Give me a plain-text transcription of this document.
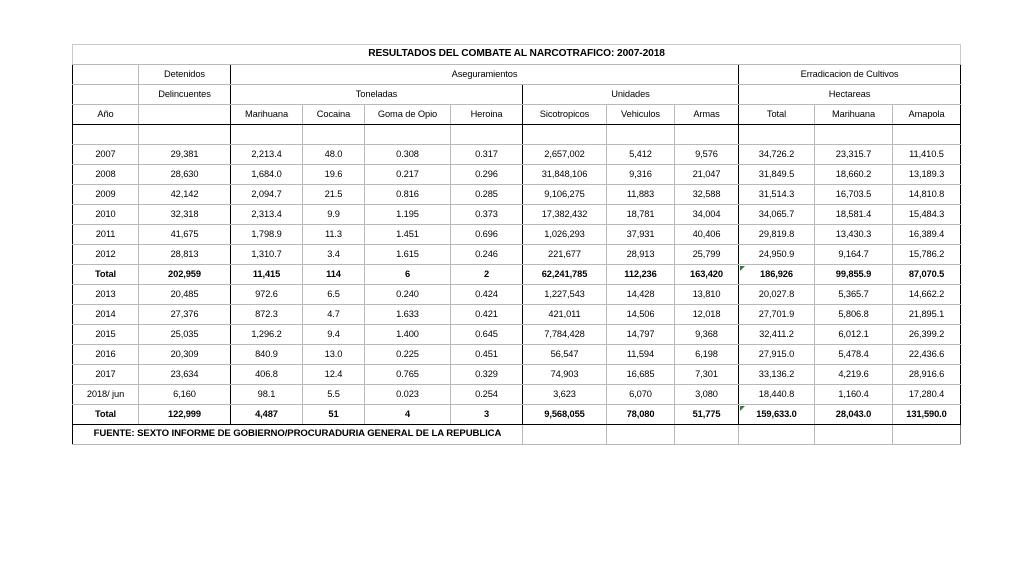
RESULTADOS DEL COMBATE AL NARCOTRAFICO: 2007-2018											
	Detenidos	Aseguramientos							Erradicacion de Cultivos		
	Delincuentes	Toneladas				Unidades			Hectareas		
Año		Marihuana	Cocaina	Goma de Opio	Heroina	Sicotropicos	Vehiculos	Armas	Total	Marihuana	Amapola

2007	29,381	2,213.4	48.0	0.308	0.317	2,657,002	5,412	9,576	34,726.2	23,315.7	11,410.5
2008	28,630	1,684.0	19.6	0.217	0.296	31,848,106	9,316	21,047	31,849.5	18,660.2	13,189.3
2009	42,142	2,094.7	21.5	0.816	0.285	9,106,275	11,883	32,588	31,514.3	16,703.5	14,810.8
2010	32,318	2,313.4	9.9	1.195	0.373	17,382,432	18,781	34,004	34,065.7	18,581.4	15,484.3
2011	41,675	1,798.9	11.3	1.451	0.696	1,026,293	37,931	40,406	29,819.8	13,430.3	16,389.4
2012	28,813	1,310.7	3.4	1.615	0.246	221,677	28,913	25,799	24,950.9	9,164.7	15,786.2
Total	202,959	11,415	114	6	2	62,241,785	112,236	163,420	186,926	99,855.9	87,070.5
2013	20,485	972.6	6.5	0.240	0.424	1,227,543	14,428	13,810	20,027.8	5,365.7	14,662.2
2014	27,376	872.3	4.7	1.633	0.421	421,011	14,506	12,018	27,701.9	5,806.8	21,895.1
2015	25,035	1,296.2	9.4	1.400	0.645	7,784,428	14,797	9,368	32,411.2	6,012.1	26,399.2
2016	20,309	840.9	13.0	0.225	0.451	56,547	11,594	6,198	27,915.0	5,478.4	22,436.6
2017	23,634	406.8	12.4	0.765	0.329	74,903	16,685	7,301	33,136.2	4,219.6	28,916.6
2018/ jun	6,160	98.1	5.5	0.023	0.254	3,623	6,070	3,080	18,440.8	1,160.4	17,280.4
Total	122,999	4,487	51	4	3	9,568,055	78,080	51,775	159,633.0	28,043.0	131,590.0
FUENTE: SEXTO INFORME DE GOBIERNO/PROCURADURIA GENERAL DE LA REPUBLICA											
